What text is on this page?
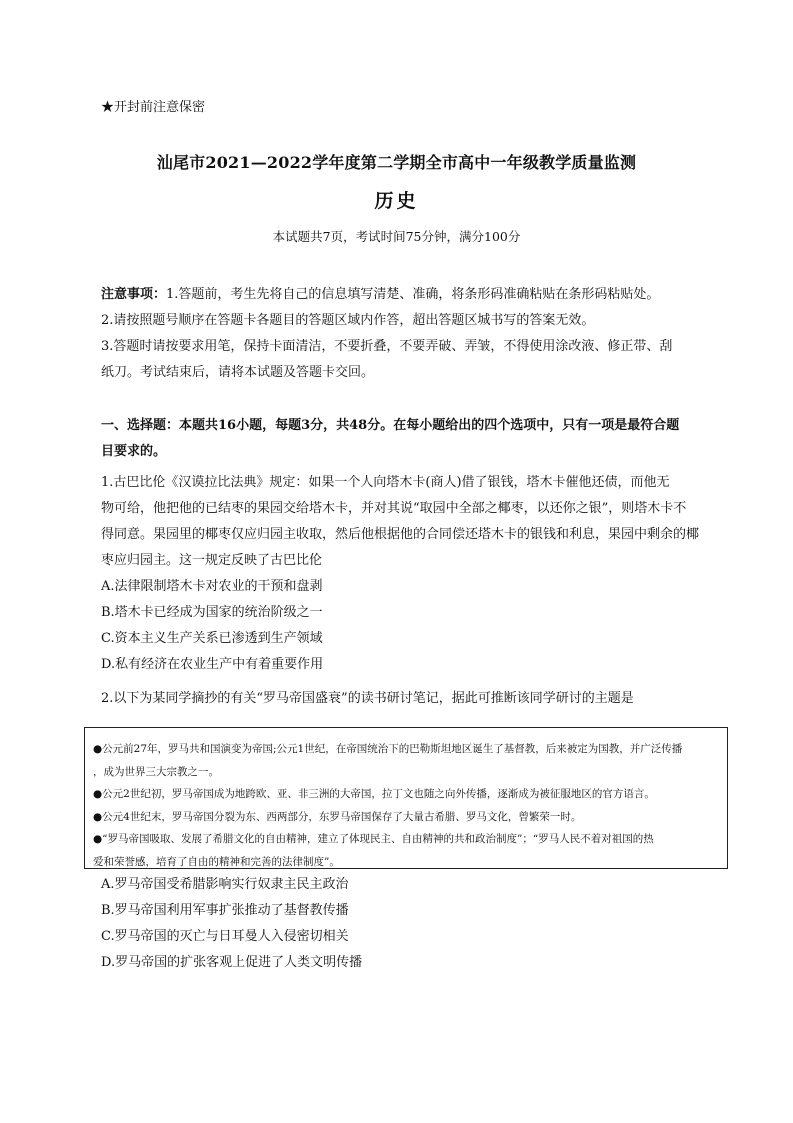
★开封前注意保密
汕尾市2021—2022学年度第二学期全市高中一年级教学质量监测
历史
本试题共7页，考试时间75分钟，满分100分

注意事项：1.答题前，考生先将自己的信息填写清楚、准确，将条形码准确粘贴在条形码粘贴处。

2.请按照题号顺序在答题卡各题目的答题区域内作答，超出答题区城书写的答案无效。

3.答题时请按要求用笔，保持卡面清洁，不要折叠，不要弄破、弄皱，不得使用涂改液、修正带、刮

纸刀。考试结束后，请将本试题及答题卡交回。

一、选择题：本题共16小题，每题3分，共48分。在每小题给出的四个选项中，只有一项是最符合题
目要求的。

1.古巴比伦《汉谟拉比法典》规定：如果一个人向塔木卡(商人)借了银钱，塔木卡催他还债，而他无

物可给，他把他的已结枣的果园交给塔木卡，并对其说“取园中全部之椰枣，以还你之银”，则塔木卡不

得同意。果园里的椰枣仅应归园主收取，然后他根据他的合同偿还塔木卡的银钱和利息，果园中剩余的椰

枣应归园主。这一规定反映了古巴比伦

A.法律限制塔木卡对农业的干预和盘剥

B.塔木卡已经成为国家的统治阶级之一

C.资本主义生产关系已渗透到生产领域

D.私有经济在农业生产中有着重要作用

2.以下为某同学摘抄的有关“罗马帝国盛衰”的读书研讨笔记，据此可推断该同学研讨的主题是

●公元前27年，罗马共和国演变为帝国;公元1世纪，在帝国统治下的巴勒斯坦地区诞生了基督教，后来被定为国教，并广泛传播

，成为世界三大宗教之一。

●公元2世纪初，罗马帝国成为地跨欧、亚、非三洲的大帝国，拉丁文也随之向外传播，逐渐成为被征服地区的官方语言。

●公元4世纪末，罗马帝国分裂为东、西两部分，东罗马帝国保存了大量古希腊、罗马文化，曾繁荣一时。

●“罗马帝国吸取、发展了希腊文化的自由精神，建立了体现民主、自由精神的共和政治制度”；“罗马人民不着对祖国的热

爱和荣誉感，培育了自由的精神和完善的法律制度”。

A.罗马帝国受希腊影响实行奴隶主民主政治

B.罗马帝国利用军事扩张推动了基督教传播

C.罗马帝国的灭亡与日耳曼人入侵密切相关

D.罗马帝国的扩张客观上促进了人类文明传播
